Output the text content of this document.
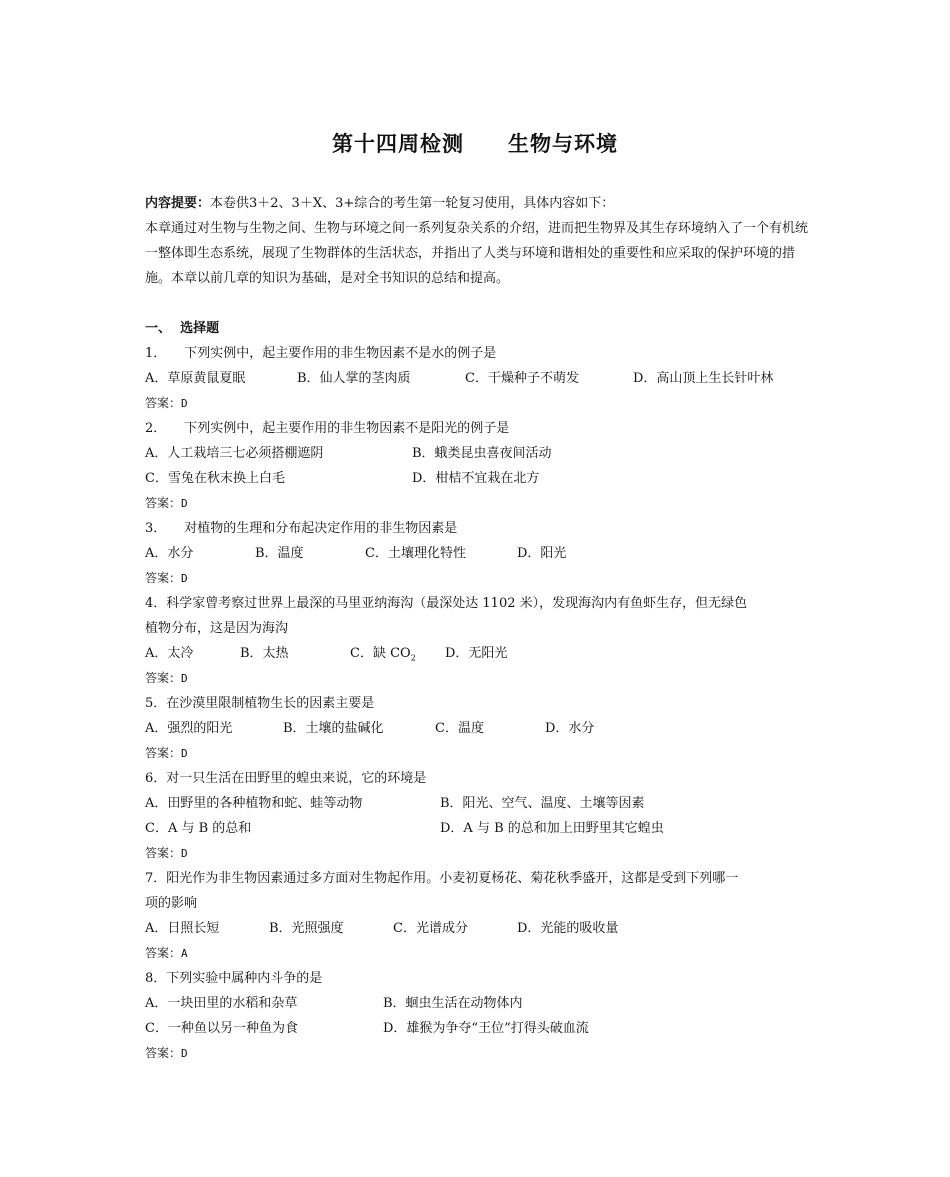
第十四周检测 生物与环境
内容提要：本卷供3＋2、3＋X、3+综合的考生第一轮复习使用，具体内容如下：
本章通过对生物与生物之间、生物与环境之间一系列复杂关系的介绍，进而把生物界及其生存环境纳入了一个有机统一整体即生态系统，展现了生物群体的生活状态，并指出了人类与环境和谐相处的重要性和应采取的保护环境的措施。本章以前几章的知识为基础，是对全书知识的总结和提高。
一、 选择题
1． 下列实例中，起主要作用的非生物因素不是水的例子是
A．草原黄鼠夏眠	B．仙人掌的茎肉质	C．干燥种子不萌发	D．高山顶上生长针叶林
答案：D
2． 下列实例中，起主要作用的非生物因素不是阳光的例子是
A．人工栽培三七必须搭棚遮阴	B．蛾类昆虫喜夜间活动
C．雪兔在秋末换上白毛	D．柑桔不宜栽在北方
答案：D
3． 对植物的生理和分布起决定作用的非生物因素是
A．水分	B．温度	C．土壤理化特性	D．阳光
答案：D
4．科学家曾考察过世界上最深的马里亚纳海沟（最深处达 1102 米），发现海沟内有鱼虾生存，但无绿色
植物分布，这是因为海沟
A．太冷	B．太热	C．缺 $CO_2$ D．无阳光
答案：D
5．在沙漠里限制植物生长的因素主要是
A．强烈的阳光	B．土壤的盐碱化	C．温度	D．水分
答案：D
6．对一只生活在田野里的蝗虫来说，它的环境是
A．田野里的各种植物和蛇、蛙等动物	B．阳光、空气、温度、土壤等因素
C．A 与 B 的总和	D．A 与 B 的总和加上田野里其它蝗虫
答案：D
7．阳光作为非生物因素通过多方面对生物起作用。小麦初夏杨花、菊花秋季盛开，这都是受到下列哪一
项的影响
A．日照长短	B．光照强度	C．光谱成分	D．光能的吸收量
答案：A
8．下列实验中属种内斗争的是
A．一块田里的水稻和杂草	B．蛔虫生活在动物体内
C．一种鱼以另一种鱼为食	D．雄猴为争夺“王位”打得头破血流
答案：D
